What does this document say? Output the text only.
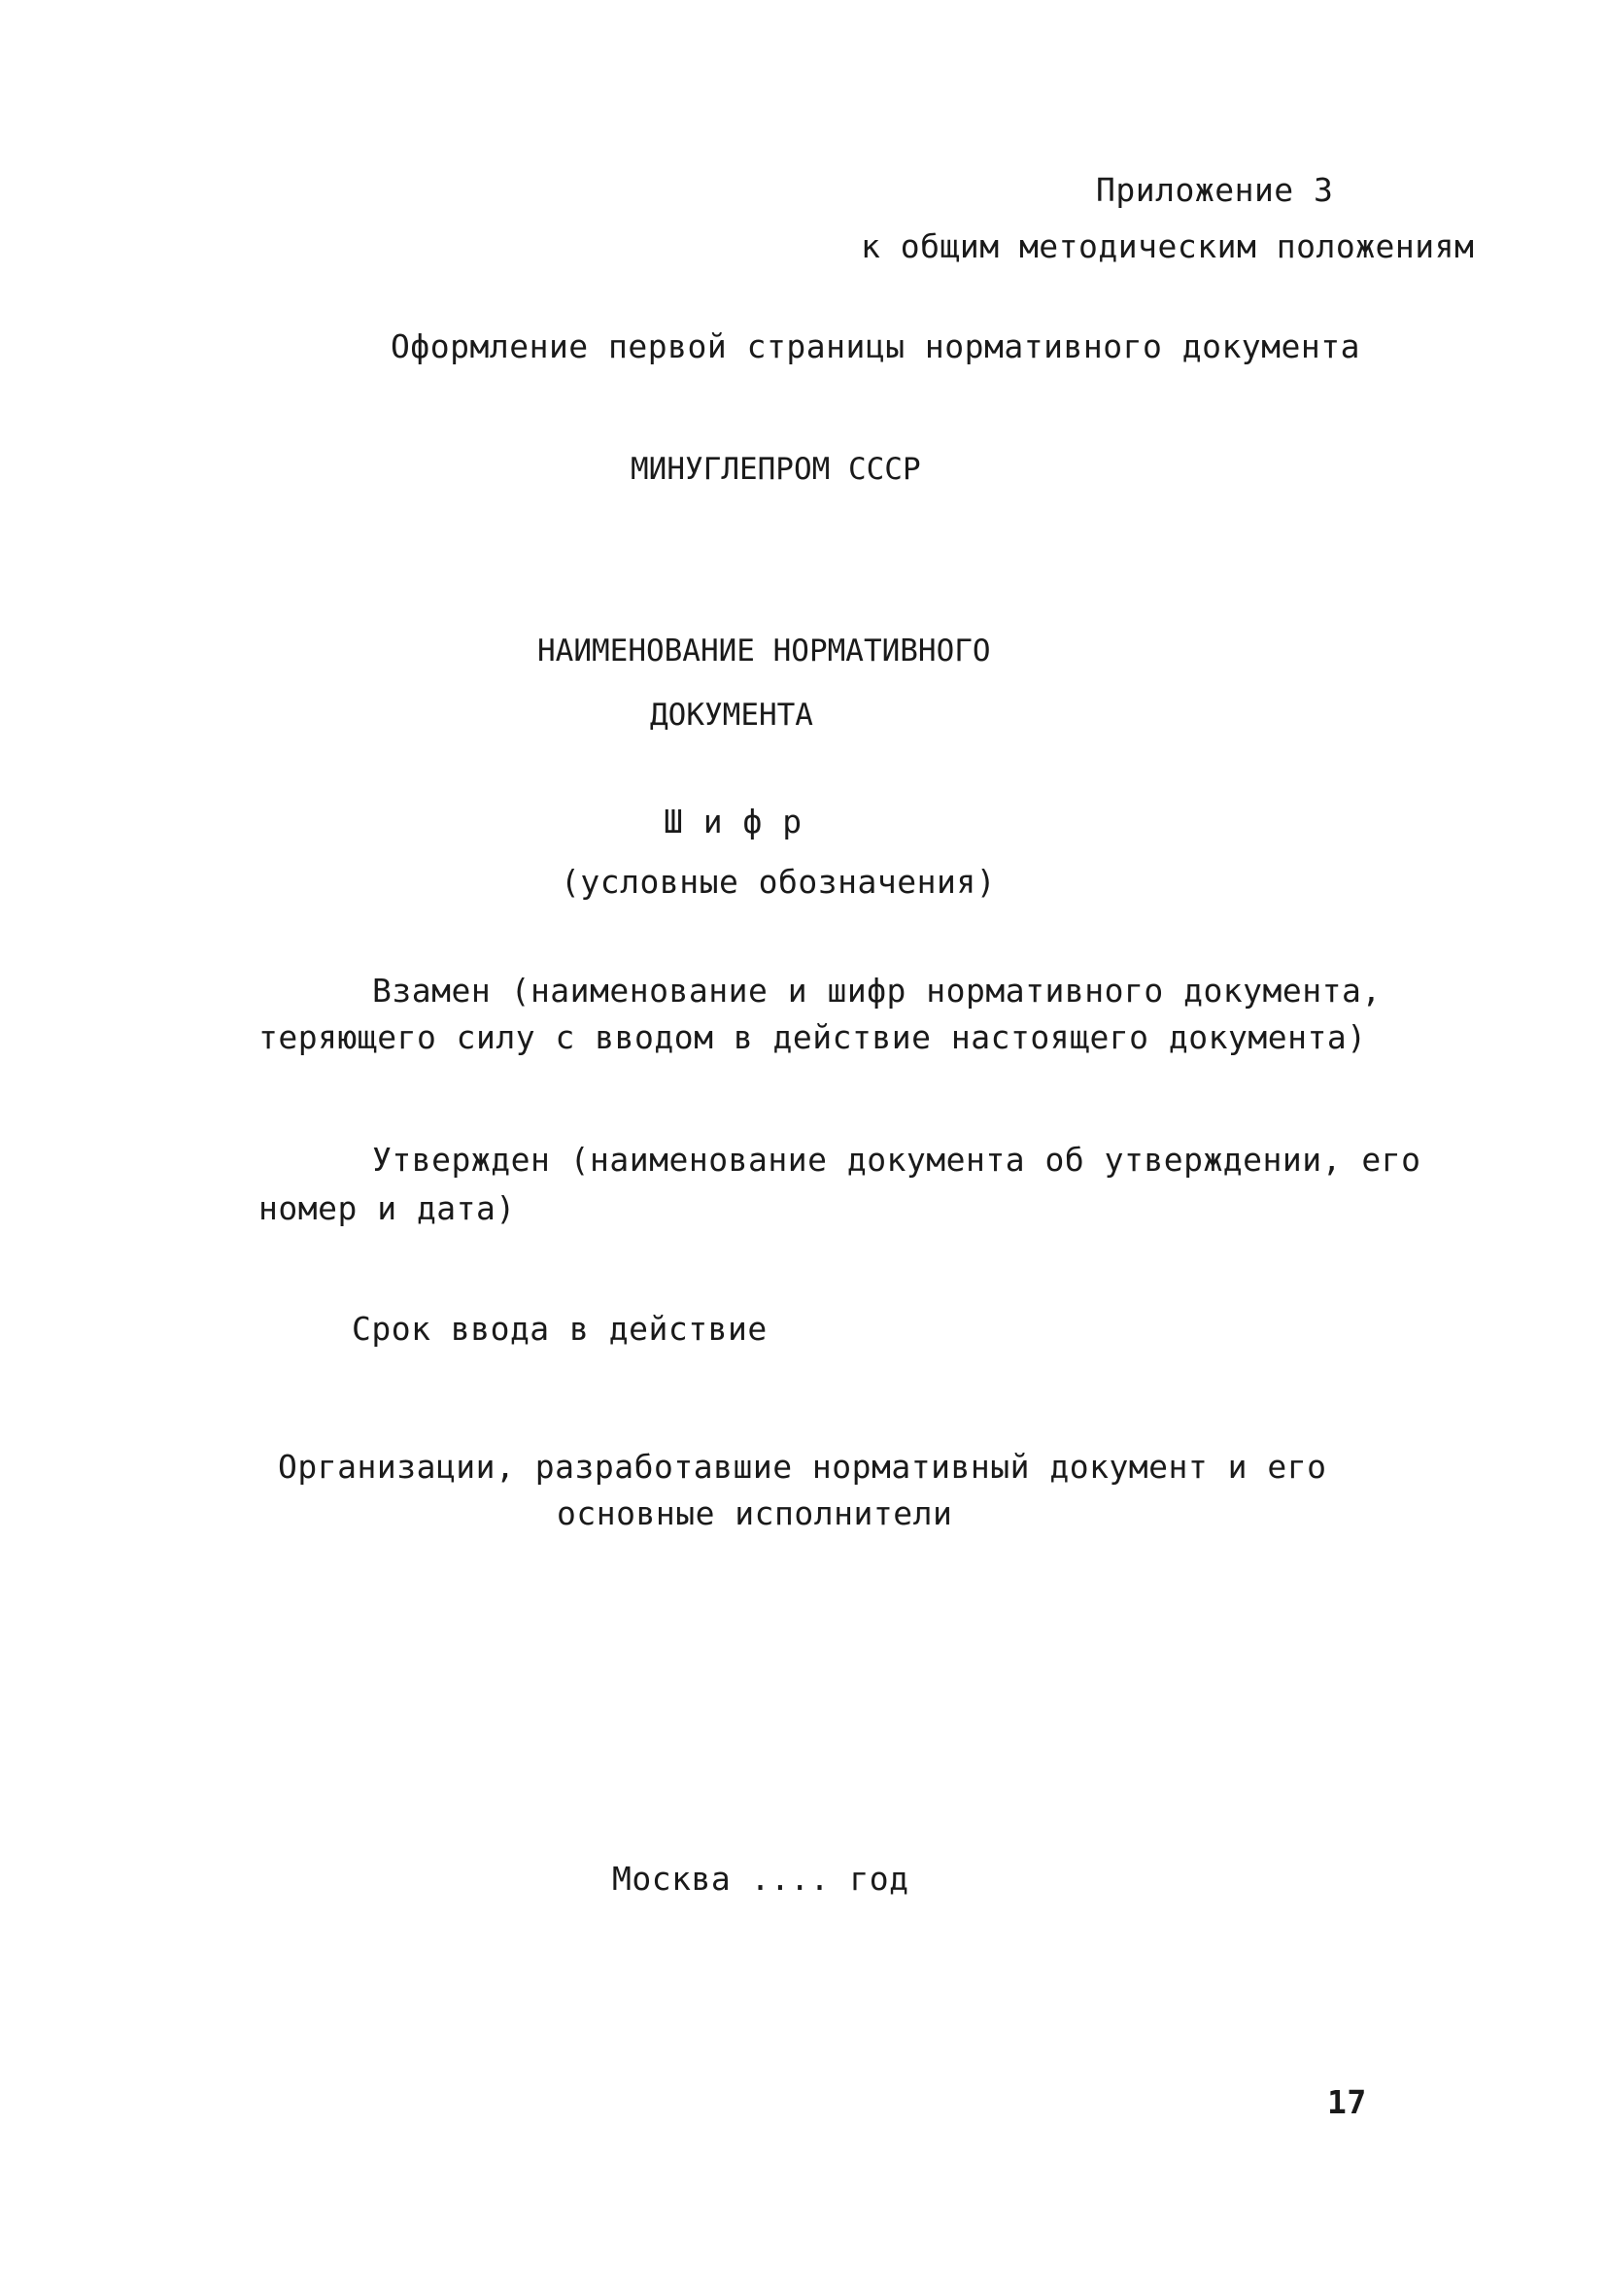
Приложение 3
к общим методическим положениям
Оформление первой страницы нормативного документа
МИНУГЛЕПРОМ СССР
НАИМЕНОВАНИЕ НОРМАТИВНОГО
ДОКУМЕНТА
Ш и ф р
(условные обозначения)
Взамен (наименование и шифр нормативного документа,
теряющего силу с вводом в действие настоящего документа)
Утвержден (наименование документа об утверждении, его
номер и дата)
Срок ввода в действие
Организации, разработавшие нормативный документ и его
основные исполнители
Москва .... год
17
